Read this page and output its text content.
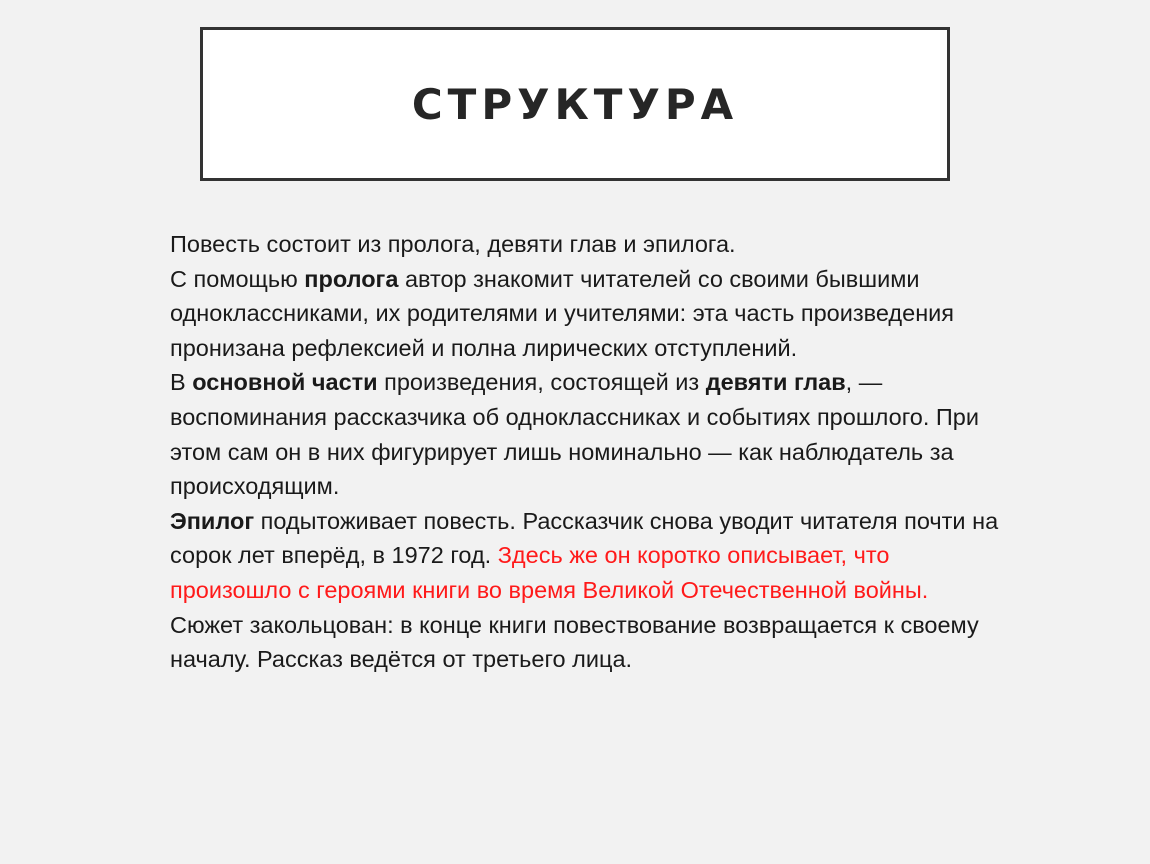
СТРУКТУРА

Повесть состоит из пролога, девяти глав и эпилога.

С помощью пролога автор знакомит читателей со своими бывшими одноклассниками, их родителями и учителями: эта часть произведения пронизана рефлексией и полна лирических отступлений.

В основной части произведения, состоящей из девяти глав, — воспоминания рассказчика об одноклассниках и событиях прошлого. При этом сам он в них фигурирует лишь номинально — как наблюдатель за происходящим.

Эпилог подытоживает повесть. Рассказчик снова уводит читателя почти на сорок лет вперёд, в 1972 год. Здесь же он коротко описывает, что произошло с героями книги во время Великой Отечественной войны.

Сюжет закольцован: в конце книги повествование возвращается к своему началу. Рассказ ведётся от третьего лица.
